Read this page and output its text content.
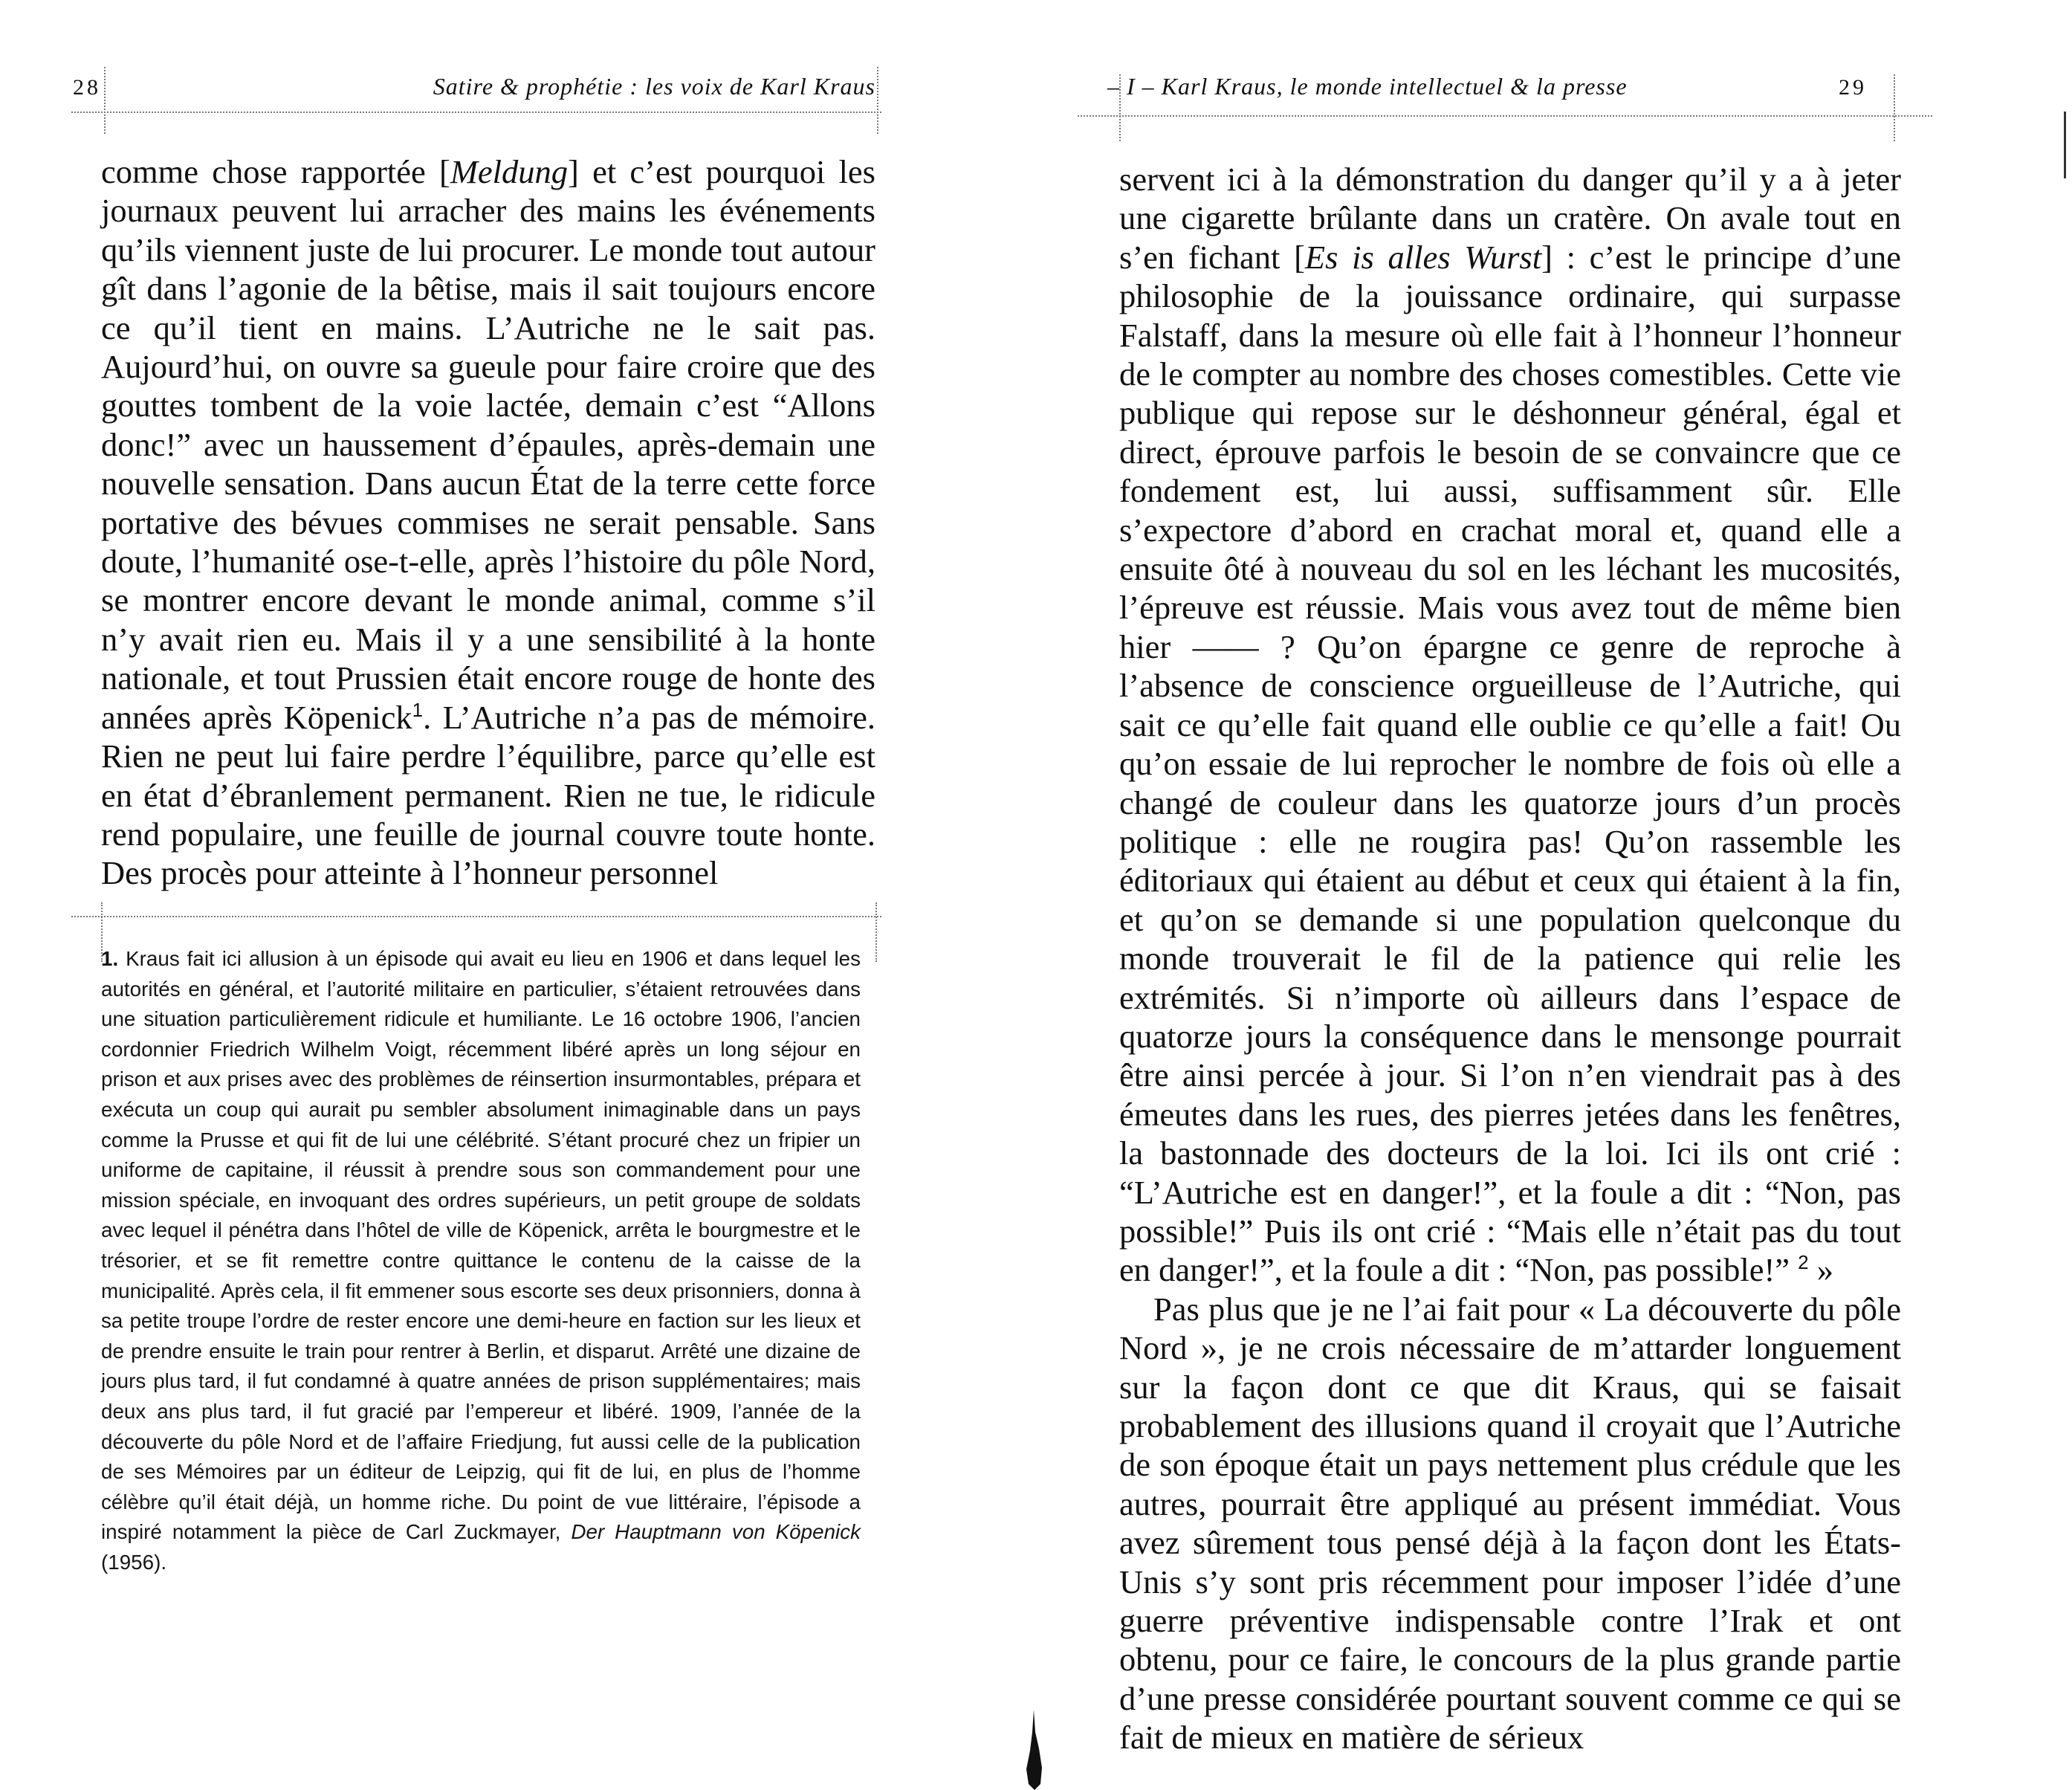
28	Satire & prophétie : les voix de Karl Kraus

comme chose rapportée [Meldung] et c’est pourquoi les journaux peuvent lui arracher des mains les événements qu’ils viennent juste de lui procurer. Le monde tout autour gît dans l’agonie de la bêtise, mais il sait toujours encore ce qu’il tient en mains. L’Autriche ne le sait pas. Aujourd’hui, on ouvre sa gueule pour faire croire que des gouttes tombent de la voie lactée, demain c’est “Allons donc!” avec un haussement d’épaules, après-demain une nouvelle sensation. Dans aucun État de la terre cette force portative des bévues commises ne serait pensable. Sans doute, l’humanité ose-t-elle, après l’histoire du pôle Nord, se montrer encore devant le monde animal, comme s’il n’y avait rien eu. Mais il y a une sensibilité à la honte nationale, et tout Prussien était encore rouge de honte des années après Köpenick$^1$. L’Autriche n’a pas de mémoire. Rien ne peut lui faire perdre l’équilibre, parce qu’elle est en état d’ébranlement permanent. Rien ne tue, le ridicule rend populaire, une feuille de journal couvre toute honte. Des procès pour atteinte à l’honneur personnel

1. Kraus fait ici allusion à un épisode qui avait eu lieu en 1906 et dans lequel les autorités en général, et l’autorité militaire en particulier, s’étaient retrouvées dans une situation particulièrement ridicule et humiliante. Le 16 octobre 1906, l’ancien cordonnier Friedrich Wilhelm Voigt, récemment libéré après un long séjour en prison et aux prises avec des problèmes de réinsertion insurmontables, prépara et exécuta un coup qui aurait pu sembler absolument inimaginable dans un pays comme la Prusse et qui fit de lui une célébrité. S’étant procuré chez un fripier un uniforme de capitaine, il réussit à prendre sous son commandement pour une mission spéciale, en invoquant des ordres supérieurs, un petit groupe de soldats avec lequel il pénétra dans l’hôtel de ville de Köpenick, arrêta le bourgmestre et le trésorier, et se fit remettre contre quittance le contenu de la caisse de la municipalité. Après cela, il fit emmener sous escorte ses deux prisonniers, donna à sa petite troupe l’ordre de rester encore une demi-heure en faction sur les lieux et de prendre ensuite le train pour rentrer à Berlin, et disparut. Arrêté une dizaine de jours plus tard, il fut condamné à quatre années de prison supplémentaires; mais deux ans plus tard, il fut gracié par l’empereur et libéré. 1909, l’année de la découverte du pôle Nord et de l’affaire Friedjung, fut aussi celle de la publication de ses Mémoires par un éditeur de Leipzig, qui fit de lui, en plus de l’homme célèbre qu’il était déjà, un homme riche. Du point de vue littéraire, l’épisode a inspiré notamment la pièce de Carl Zuckmayer, Der Hauptmann von Köpenick (1956).
– I – Karl Kraus, le monde intellectuel & la presse	29

servent ici à la démonstration du danger qu’il y a à jeter une cigarette brûlante dans un cratère. On avale tout en s’en fichant [Es is alles Wurst] : c’est le principe d’une philosophie de la jouissance ordinaire, qui surpasse Falstaff, dans la mesure où elle fait à l’honneur l’honneur de le compter au nombre des choses comestibles. Cette vie publique qui repose sur le déshonneur général, égal et direct, éprouve parfois le besoin de se convaincre que ce fondement est, lui aussi, suffisamment sûr. Elle s’expectore d’abord en crachat moral et, quand elle a ensuite ôté à nouveau du sol en les léchant les mucosités, l’épreuve est réussie. Mais vous avez tout de même bien hier —— ? Qu’on épargne ce genre de reproche à l’absence de conscience orgueilleuse de l’Autriche, qui sait ce qu’elle fait quand elle oublie ce qu’elle a fait! Ou qu’on essaie de lui reprocher le nombre de fois où elle a changé de couleur dans les quatorze jours d’un procès politique : elle ne rougira pas! Qu’on rassemble les éditoriaux qui étaient au début et ceux qui étaient à la fin, et qu’on se demande si une population quelconque du monde trouverait le fil de la patience qui relie les extrémités. Si n’importe où ailleurs dans l’espace de quatorze jours la conséquence dans le mensonge pourrait être ainsi percée à jour. Si l’on n’en viendrait pas à des émeutes dans les rues, des pierres jetées dans les fenêtres, la bastonnade des docteurs de la loi. Ici ils ont crié : “L’Autriche est en danger!”, et la foule a dit : “Non, pas possible!” Puis ils ont crié : “Mais elle n’était pas du tout en danger!”, et la foule a dit : “Non, pas possible!” $^2$ »

Pas plus que je ne l’ai fait pour « La découverte du pôle Nord », je ne crois nécessaire de m’attarder longuement sur la façon dont ce que dit Kraus, qui se faisait probablement des illusions quand il croyait que l’Autriche de son époque était un pays nettement plus crédule que les autres, pourrait être appliqué au présent immédiat. Vous avez sûrement tous pensé déjà à la façon dont les États-Unis s’y sont pris récemment pour imposer l’idée d’une guerre préventive indispensable contre l’Irak et ont obtenu, pour ce faire, le concours de la plus grande partie d’une presse considérée pourtant souvent comme ce qui se fait de mieux en matière de sérieux
